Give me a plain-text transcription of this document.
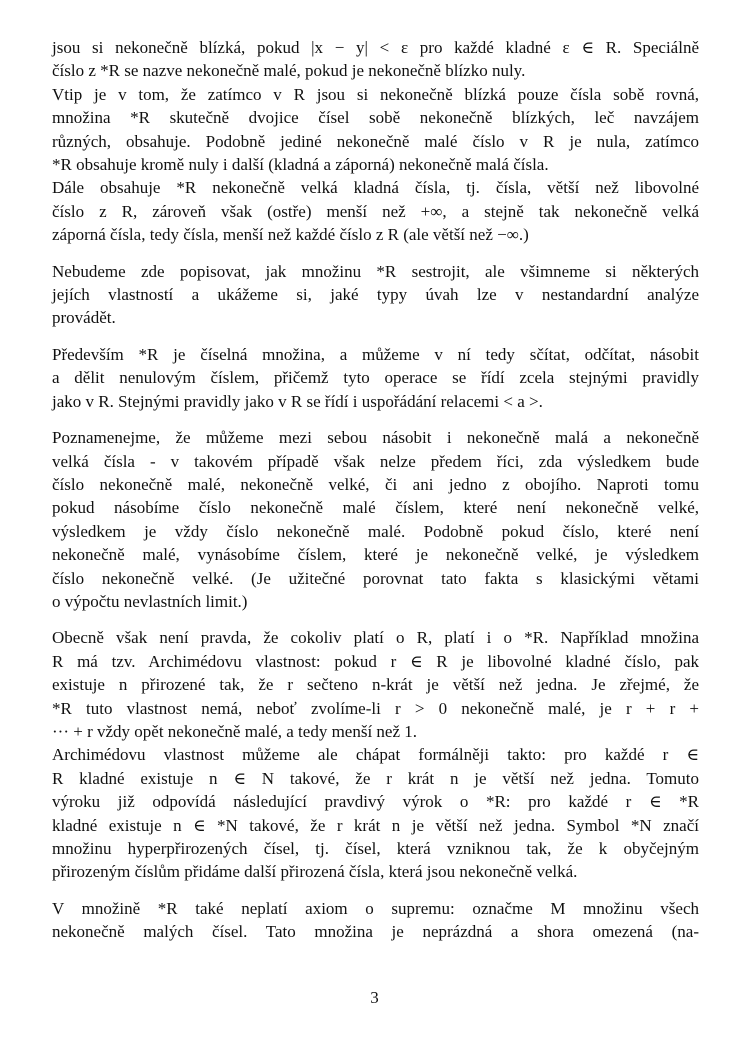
jsou si nekonečně blízká, pokud |x − y| < ε pro každé kladné ε ∈ R. Speciálně
číslo z *R se nazve nekonečně malé, pokud je nekonečně blízko nuly.
Vtip je v tom, že zatímco v R jsou si nekonečně blízká pouze čísla sobě rovná,
množina *R skutečně dvojice čísel sobě nekonečně blízkých, leč navzájem
různých, obsahuje. Podobně jediné nekonečně malé číslo v R je nula, zatímco
*R obsahuje kromě nuly i další (kladná a záporná) nekonečně malá čísla.
Dále obsahuje *R nekonečně velká kladná čísla, tj. čísla, větší než libovolné
číslo z R, zároveň však (ostře) menší než +∞, a stejně tak nekonečně velká
záporná čísla, tedy čísla, menší než každé číslo z R (ale větší než −∞.)
Nebudeme zde popisovat, jak množinu *R sestrojit, ale všimneme si některých
jejích vlastností a ukážeme si, jaké typy úvah lze v nestandardní analýze
provádět.
Především *R je číselná množina, a můžeme v ní tedy sčítat, odčítat, násobit
a dělit nenulovým číslem, přičemž tyto operace se řídí zcela stejnými pravidly
jako v R. Stejnými pravidly jako v R se řídí i uspořádání relacemi < a >.
Poznamenejme, že můžeme mezi sebou násobit i nekonečně malá a nekonečně
velká čísla - v takovém případě však nelze předem říci, zda výsledkem bude
číslo nekonečně malé, nekonečně velké, či ani jedno z obojího. Naproti tomu
pokud násobíme číslo nekonečně malé číslem, které není nekonečně velké,
výsledkem je vždy číslo nekonečně malé. Podobně pokud číslo, které není
nekonečně malé, vynásobíme číslem, které je nekonečně velké, je výsledkem
číslo nekonečně velké. (Je užitečné porovnat tato fakta s klasickými větami
o výpočtu nevlastních limit.)
Obecně však není pravda, že cokoliv platí o R, platí i o *R. Například množina
R má tzv. Archimédovu vlastnost: pokud r ∈ R je libovolné kladné číslo, pak
existuje n přirozené tak, že r sečteno n-krát je větší než jedna. Je zřejmé, že
*R tuto vlastnost nemá, neboť zvolíme-li r > 0 nekonečně malé, je r + r +
··· + r vždy opět nekonečně malé, a tedy menší než 1.
Archimédovu vlastnost můžeme ale chápat formálněji takto: pro každé r ∈
R kladné existuje n ∈ N takové, že r krát n je větší než jedna. Tomuto
výroku již odpovídá následující pravdivý výrok o *R: pro každé r ∈ *R
kladné existuje n ∈ *N takové, že r krát n je větší než jedna. Symbol *N značí
množinu hyperpřirozených čísel, tj. čísel, která vzniknou tak, že k obyčejným
přirozeným číslům přidáme další přirozená čísla, která jsou nekonečně velká.
V množině *R také neplatí axiom o supremu: označme M množinu všech
nekonečně malých čísel. Tato množina je neprázdná a shora omezená (na-
3
